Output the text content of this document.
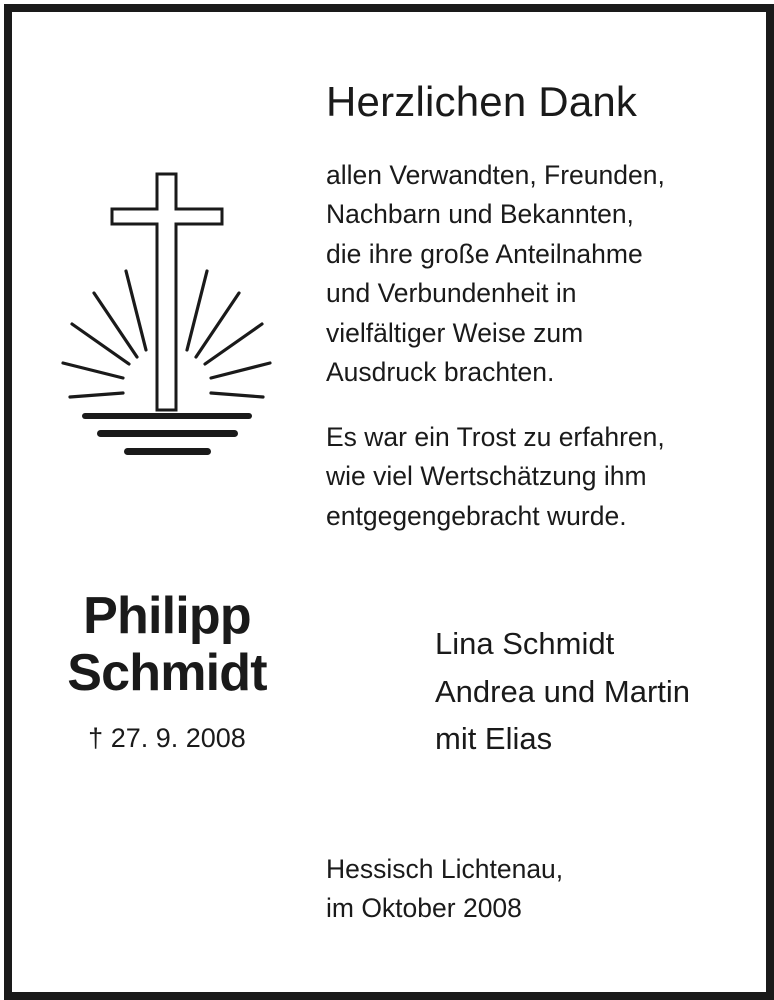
Herzlichen Dank
allen Verwandten, Freunden,
Nachbarn und Bekannten,
die ihre große Anteilnahme
und Verbundenheit in
vielfältiger Weise zum
Ausdruck brachten.
Es war ein Trost zu erfahren,
wie viel Wertschätzung ihm
entgegengebracht wurde.
Philipp
Schmidt
† 27. 9. 2008
Lina Schmidt
Andrea und Martin
mit Elias
Hessisch Lichtenau,
im Oktober 2008
